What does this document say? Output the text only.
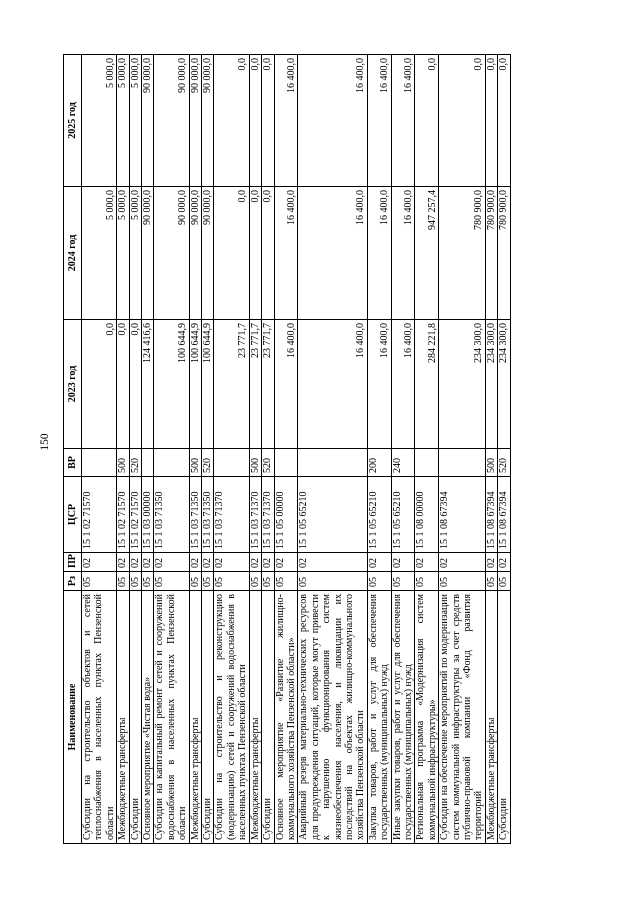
150
Наименование	Рз	ПР	ЦСР	ВР	2023 год	2024 год	2025 год
Субсидии на строительство объектов и сетей теплоснабжения в населенных пунктах Пензенской области	05	02	15 1 02 71570		0,0	5 000,0	5 000,0
Межбюджетные трансферты	05	02	15 1 02 71570	500	0,0	5 000,0	5 000,0
Субсидии	05	02	15 1 02 71570	520	0,0	5 000,0	5 000,0
Основное мероприятие «Чистая вода»	05	02	15 1 03 00000		124 416,6	90 000,0	90 000,0
Субсидии на капитальный ремонт сетей и сооружений водоснабжения в населенных пунктах Пензенской области	05	02	15 1 03 71350		100 644,9	90 000,0	90 000,0
Межбюджетные трансферты	05	02	15 1 03 71350	500	100 644,9	90 000,0	90 000,0
Субсидии	05	02	15 1 03 71350	520	100 644,9	90 000,0	90 000,0
Субсидии на строительство и реконструкцию (модернизацию) сетей и сооружений водоснабжения в населенных пунктах Пензенской области	05	02	15 1 03 71370		23 771,7	0,0	0,0
Межбюджетные трансферты	05	02	15 1 03 71370	500	23 771,7	0,0	0,0
Субсидии	05	02	15 1 03 71370	520	23 771,7	0,0	0,0
Основное мероприятие «Развитие жилищно-коммунального хозяйства Пензенской области»	05	02	15 1 05 00000		16 400,0	16 400,0	16 400,0
Аварийный резерв материально-технических ресурсов для предупреждения ситуаций, которые могут привести к нарушению функционирования систем жизнеобеспечения населения, и ликвидации их последствий на объектах жилищно-коммунального хозяйства Пензенской области	05	02	15 1 05 65210		16 400,0	16 400,0	16 400,0
Закупка товаров, работ и услуг для обеспечения государственных (муниципальных) нужд	05	02	15 1 05 65210	200	16 400,0	16 400,0	16 400,0
Иные закупки товаров, работ и услуг для обеспечения государственных (муниципальных) нужд	05	02	15 1 05 65210	240	16 400,0	16 400,0	16 400,0
Региональная программа «Модернизация систем коммунальной инфраструктуры»	05	02	15 1 08 00000		284 221,8	947 257,4	0,0
Субсидии на обеспечение мероприятий по модернизации систем коммунальной инфраструктуры за счет средств публично-правовой компании «Фонд развития территорий	05	02	15 1 08 67394		234 300,0	780 900,0	0,0
Межбюджетные трансферты	05	02	15 1 08 67394	500	234 300,0	780 900,0	0,0
Субсидии	05	02	15 1 08 67394	520	234 300,0	780 900,0	0,0
